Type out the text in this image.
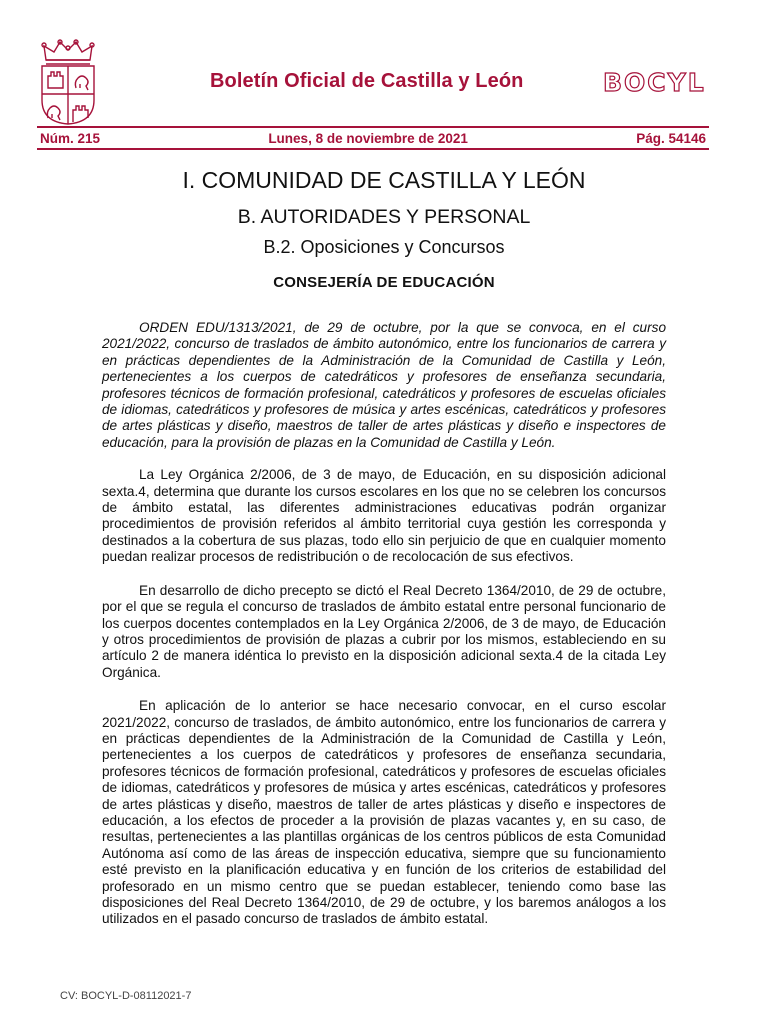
Boletín Oficial de Castilla y León	BOCYL
Núm. 215	Lunes, 8 de noviembre de 2021	Pág. 54146
I. COMUNIDAD DE CASTILLA Y LEÓN
B. AUTORIDADES Y PERSONAL
B.2. Oposiciones y Concursos
CONSEJERÍA DE EDUCACIÓN

ORDEN EDU/1313/2021, de 29 de octubre, por la que se convoca, en el curso 2021/2022, concurso de traslados de ámbito autonómico, entre los funcionarios de carrera y en prácticas dependientes de la Administración de la Comunidad de Castilla y León, pertenecientes a los cuerpos de catedráticos y profesores de enseñanza secundaria, profesores técnicos de formación profesional, catedráticos y profesores de escuelas oficiales de idiomas, catedráticos y profesores de música y artes escénicas, catedráticos y profesores de artes plásticas y diseño, maestros de taller de artes plásticas y diseño e inspectores de educación, para la provisión de plazas en la Comunidad de Castilla y León.

La Ley Orgánica 2/2006, de 3 de mayo, de Educación, en su disposición adicional sexta.4, determina que durante los cursos escolares en los que no se celebren los concursos de ámbito estatal, las diferentes administraciones educativas podrán organizar procedimientos de provisión referidos al ámbito territorial cuya gestión les corresponda y destinados a la cobertura de sus plazas, todo ello sin perjuicio de que en cualquier momento puedan realizar procesos de redistribución o de recolocación de sus efectivos.

En desarrollo de dicho precepto se dictó el Real Decreto 1364/2010, de 29 de octubre, por el que se regula el concurso de traslados de ámbito estatal entre personal funcionario de los cuerpos docentes contemplados en la Ley Orgánica 2/2006, de 3 de mayo, de Educación y otros procedimientos de provisión de plazas a cubrir por los mismos, estableciendo en su artículo 2 de manera idéntica lo previsto en la disposición adicional sexta.4 de la citada Ley Orgánica.

En aplicación de lo anterior se hace necesario convocar, en el curso escolar 2021/2022, concurso de traslados, de ámbito autonómico, entre los funcionarios de carrera y en prácticas dependientes de la Administración de la Comunidad de Castilla y León, pertenecientes a los cuerpos de catedráticos y profesores de enseñanza secundaria, profesores técnicos de formación profesional, catedráticos y profesores de escuelas oficiales de idiomas, catedráticos y profesores de música y artes escénicas, catedráticos y profesores de artes plásticas y diseño, maestros de taller de artes plásticas y diseño e inspectores de educación, a los efectos de proceder a la provisión de plazas vacantes y, en su caso, de resultas, pertenecientes a las plantillas orgánicas de los centros públicos de esta Comunidad Autónoma así como de las áreas de inspección educativa, siempre que su funcionamiento esté previsto en la planificación educativa y en función de los criterios de estabilidad del profesorado en un mismo centro que se puedan establecer, teniendo como base las disposiciones del Real Decreto 1364/2010, de 29 de octubre, y los baremos análogos a los utilizados en el pasado concurso de traslados de ámbito estatal.

CV: BOCYL-D-08112021-7
